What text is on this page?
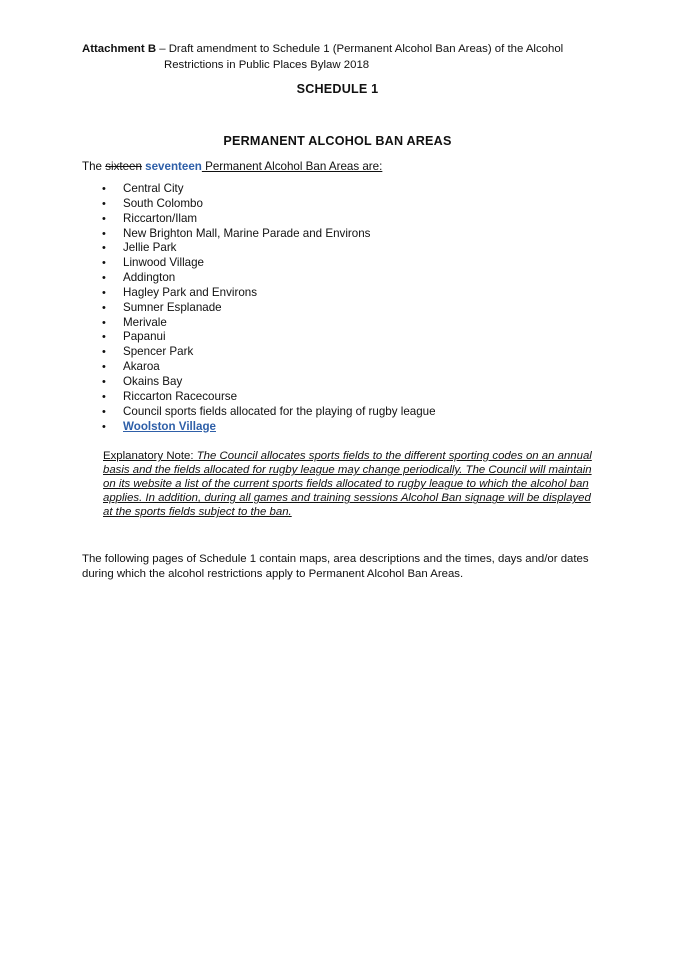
Attachment B – Draft amendment to Schedule 1 (Permanent Alcohol Ban Areas) of the Alcohol
Restrictions in Public Places Bylaw 2018
SCHEDULE 1
PERMANENT ALCOHOL BAN AREAS
The sixteen seventeen Permanent Alcohol Ban Areas are:
• Central City
• South Colombo
• Riccarton/Ilam
• New Brighton Mall, Marine Parade and Environs
• Jellie Park
• Linwood Village
• Addington
• Hagley Park and Environs
• Sumner Esplanade
• Merivale
• Papanui
• Spencer Park
• Akaroa
• Okains Bay
• Riccarton Racecourse
• Council sports fields allocated for the playing of rugby league
• Woolston Village
Explanatory Note: The Council allocates sports fields to the different sporting codes on an annual basis and the fields allocated for rugby league may change periodically. The Council will maintain on its website a list of the current sports fields allocated to rugby league to which the alcohol ban applies. In addition, during all games and training sessions Alcohol Ban signage will be displayed at the sports fields subject to the ban.
The following pages of Schedule 1 contain maps, area descriptions and the times, days and/or dates during which the alcohol restrictions apply to Permanent Alcohol Ban Areas.
